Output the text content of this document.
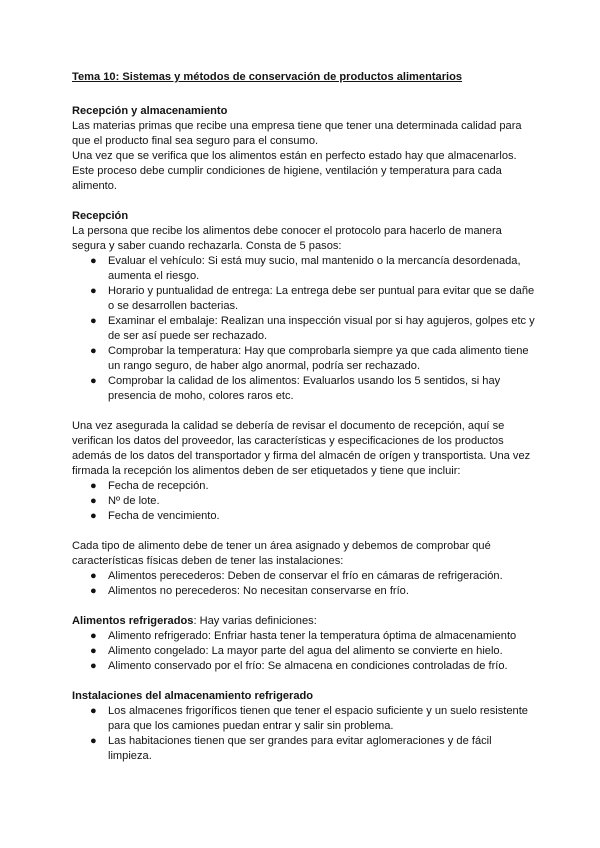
Tema 10: Sistemas y métodos de conservación de productos alimentarios

Recepción y almacenamiento

Las materias primas que recibe una empresa tiene que tener una determinada calidad para que el producto final sea seguro para el consumo.

Una vez que se verifica que los alimentos están en perfecto estado hay que almacenarlos. Este proceso debe cumplir condiciones de higiene, ventilación y temperatura para cada alimento.

Recepción

La persona que recibe los alimentos debe conocer el protocolo para hacerlo de manera segura y saber cuando rechazarla. Consta de 5 pasos:

● Evaluar el vehículo: Si está muy sucio, mal mantenido o la mercancía desordenada, aumenta el riesgo.
● Horario y puntualidad de entrega: La entrega debe ser puntual para evitar que se dañe o se desarrollen bacterias.
● Examinar el embalaje: Realizan una inspección visual por si hay agujeros, golpes etc y de ser así puede ser rechazado.
● Comprobar la temperatura: Hay que comprobarla siempre ya que cada alimento tiene un rango seguro, de haber algo anormal, podría ser rechazado.
● Comprobar la calidad de los alimentos: Evaluarlos usando los 5 sentidos, si hay presencia de moho, colores raros etc.

Una vez asegurada la calidad se debería de revisar el documento de recepción, aquí se verifican los datos del proveedor, las características y especificaciones de los productos además de los datos del transportador y firma del almacén de orígen y transportista. Una vez firmada la recepción los alimentos deben de ser etiquetados y tiene que incluir:

● Fecha de recepción.
● Nº de lote.
● Fecha de vencimiento.

Cada tipo de alimento debe de tener un área asignado y debemos de comprobar qué características físicas deben de tener las instalaciones:

● Alimentos perecederos: Deben de conservar el frío en cámaras de refrigeración.
● Alimentos no perecederos: No necesitan conservarse en frío.

Alimentos refrigerados: Hay varias definiciones:

● Alimento refrigerado: Enfriar hasta tener la temperatura óptima de almacenamiento
● Alimento congelado: La mayor parte del agua del alimento se convierte en hielo.
● Alimento conservado por el frío: Se almacena en condiciones controladas de frío.

Instalaciones del almacenamiento refrigerado

● Los almacenes frigoríficos tienen que tener el espacio suficiente y un suelo resistente para que los camiones puedan entrar y salir sin problema.
● Las habitaciones tienen que ser grandes para evitar aglomeraciones y de fácil limpieza.
